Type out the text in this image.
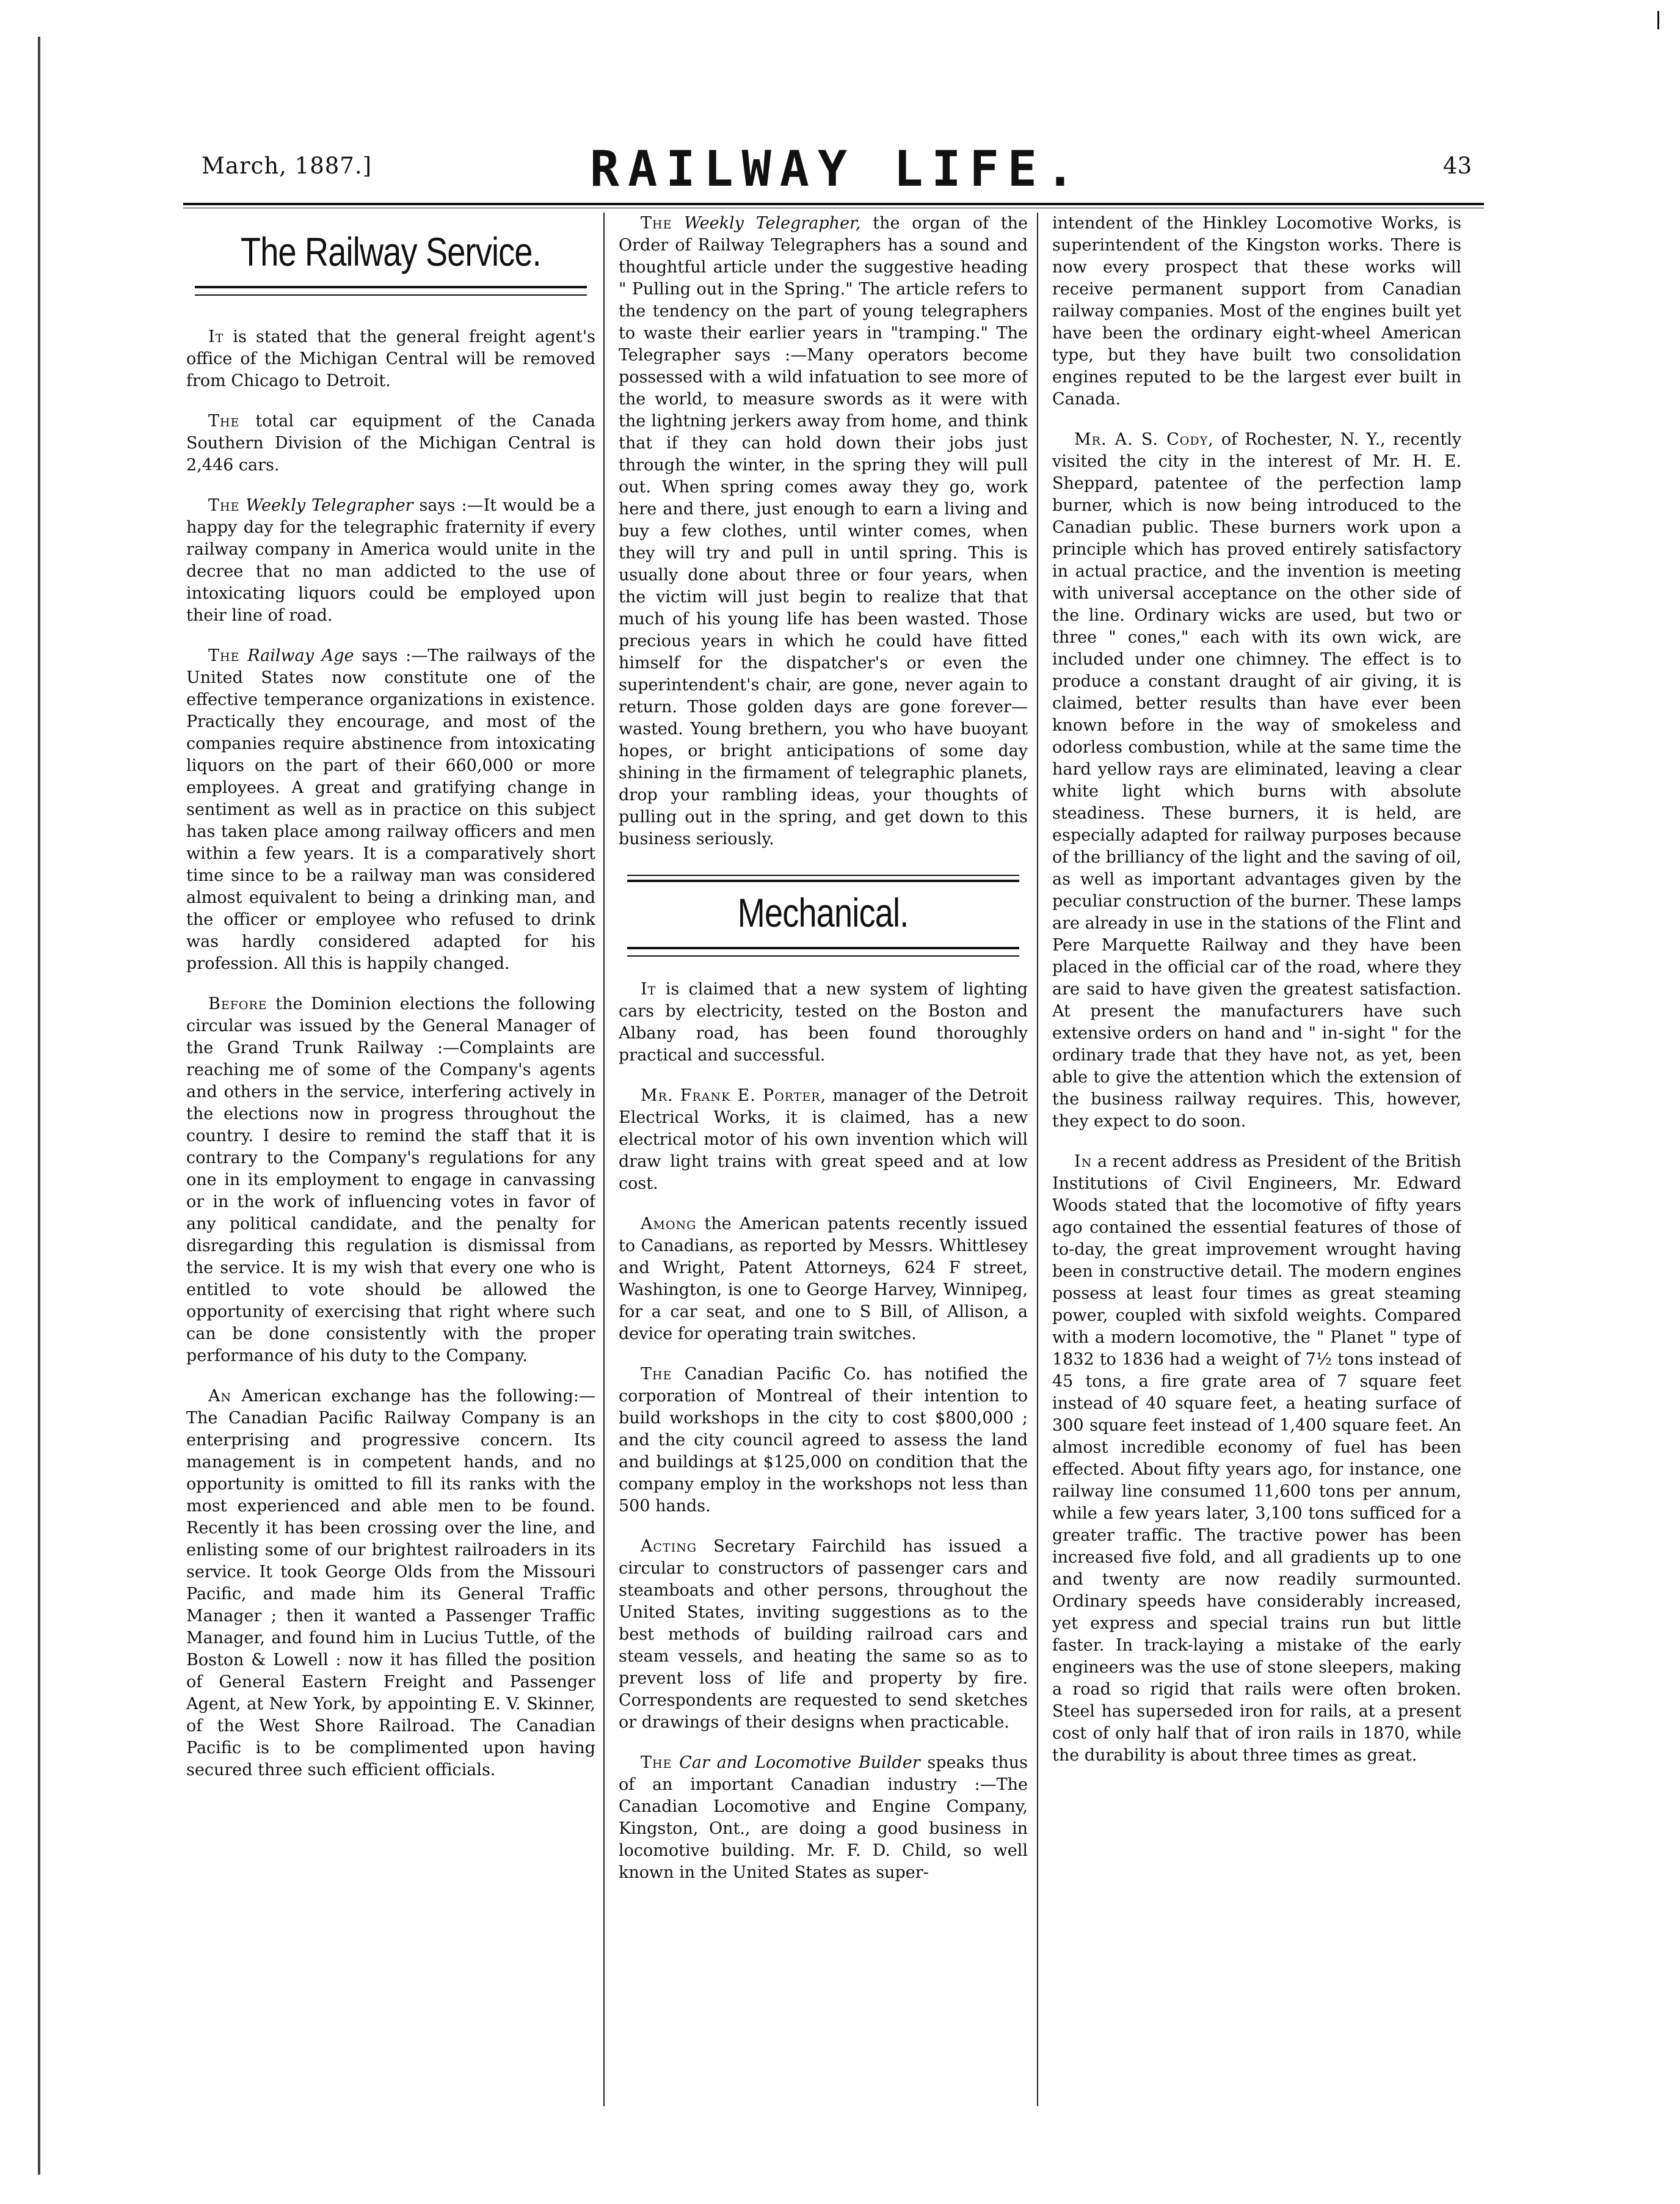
March, 1887.]	RAILWAY LIFE.	43
The Railway Service.

It is stated that the general freight agent's office of the Michigan Central will be removed from Chicago to Detroit.

The total car equipment of the Canada Southern Division of the Michigan Central is 2,446 cars.

The Weekly Telegrapher says :—It would be a happy day for the telegraphic fraternity if every railway company in America would unite in the decree that no man addicted to the use of intoxicating liquors could be employed upon their line of road.

The Railway Age says :—The railways of the United States now constitute one of the effective temperance organizations in existence. Practically they encourage, and most of the companies require abstinence from intoxicating liquors on the part of their 660,000 or more employees. A great and gratifying change in sentiment as well as in practice on this subject has taken place among railway officers and men within a few years. It is a comparatively short time since to be a railway man was considered almost equivalent to being a drinking man, and the officer or employee who refused to drink was hardly considered adapted for his profession. All this is happily changed.

Before the Dominion elections the following circular was issued by the General Manager of the Grand Trunk Railway :—Complaints are reaching me of some of the Company's agents and others in the service, interfering actively in the elections now in progress throughout the country. I desire to remind the staff that it is contrary to the Company's regulations for any one in its employment to engage in canvassing or in the work of influencing votes in favor of any political candidate, and the penalty for disregarding this regulation is dismissal from the service. It is my wish that every one who is entitled to vote should be allowed the opportunity of exercising that right where such can be done consistently with the proper performance of his duty to the Company.

An American exchange has the following:—The Canadian Pacific Railway Company is an enterprising and progressive concern. Its management is in competent hands, and no opportunity is omitted to fill its ranks with the most experienced and able men to be found. Recently it has been crossing over the line, and enlisting some of our brightest railroaders in its service. It took George Olds from the Missouri Pacific, and made him its General Traffic Manager ; then it wanted a Passenger Traffic Manager, and found him in Lucius Tuttle, of the Boston & Lowell : now it has filled the position of General Eastern Freight and Passenger Agent, at New York, by appointing E. V. Skinner, of the West Shore Railroad. The Canadian Pacific is to be complimented upon having secured three such efficient officials.

The Weekly Telegrapher, the organ of the Order of Railway Telegraphers has a sound and thoughtful article under the suggestive heading " Pulling out in the Spring." The article refers to the tendency on the part of young telegraphers to waste their earlier years in "tramping." The Telegrapher says :—Many operators become possessed with a wild infatuation to see more of the world, to measure swords as it were with the lightning jerkers away from home, and think that if they can hold down their jobs just through the winter, in the spring they will pull out. When spring comes away they go, work here and there, just enough to earn a living and buy a few clothes, until winter comes, when they will try and pull in until spring. This is usually done about three or four years, when the victim will just begin to realize that that much of his young life has been wasted. Those precious years in which he could have fitted himself for the dispatcher's or even the superintendent's chair, are gone, never again to return. Those golden days are gone forever—wasted. Young brethern, you who have buoyant hopes, or bright anticipations of some day shining in the firmament of telegraphic planets, drop your rambling ideas, your thoughts of pulling out in the spring, and get down to this business seriously.

Mechanical.

It is claimed that a new system of lighting cars by electricity, tested on the Boston and Albany road, has been found thoroughly practical and successful.

Mr. Frank E. Porter, manager of the Detroit Electrical Works, it is claimed, has a new electrical motor of his own invention which will draw light trains with great speed and at low cost.

Among the American patents recently issued to Canadians, as reported by Messrs. Whittlesey and Wright, Patent Attorneys, 624 F street, Washington, is one to George Harvey, Winnipeg, for a car seat, and one to S Bill, of Allison, a device for operating train switches.

The Canadian Pacific Co. has notified the corporation of Montreal of their intention to build workshops in the city to cost $800,000 ; and the city council agreed to assess the land and buildings at $125,000 on condition that the company employ in the workshops not less than 500 hands.

Acting Secretary Fairchild has issued a circular to constructors of passenger cars and steamboats and other persons, throughout the United States, inviting suggestions as to the best methods of building railroad cars and steam vessels, and heating the same so as to prevent loss of life and property by fire. Correspondents are requested to send sketches or drawings of their designs when practicable.

The Car and Locomotive Builder speaks thus of an important Canadian industry :—The Canadian Locomotive and Engine Company, Kingston, Ont., are doing a good business in locomotive building. Mr. F. D. Child, so well known in the United States as super-

intendent of the Hinkley Locomotive Works, is superintendent of the Kingston works. There is now every prospect that these works will receive permanent support from Canadian railway companies. Most of the engines built yet have been the ordinary eight-wheel American type, but they have built two consolidation engines reputed to be the largest ever built in Canada.

Mr. A. S. Cody, of Rochester, N. Y., recently visited the city in the interest of Mr. H. E. Sheppard, patentee of the perfection lamp burner, which is now being introduced to the Canadian public. These burners work upon a principle which has proved entirely satisfactory in actual practice, and the invention is meeting with universal acceptance on the other side of the line. Ordinary wicks are used, but two or three " cones," each with its own wick, are included under one chimney. The effect is to produce a constant draught of air giving, it is claimed, better results than have ever been known before in the way of smokeless and odorless combustion, while at the same time the hard yellow rays are eliminated, leaving a clear white light which burns with absolute steadiness. These burners, it is held, are especially adapted for railway purposes because of the brilliancy of the light and the saving of oil, as well as important advantages given by the peculiar construction of the burner. These lamps are already in use in the stations of the Flint and Pere Marquette Railway and they have been placed in the official car of the road, where they are said to have given the greatest satisfaction. At present the manufacturers have such extensive orders on hand and " in-sight " for the ordinary trade that they have not, as yet, been able to give the attention which the extension of the business railway requires. This, however, they expect to do soon.

In a recent address as President of the British Institutions of Civil Engineers, Mr. Edward Woods stated that the locomotive of fifty years ago contained the essential features of those of to-day, the great improvement wrought having been in constructive detail. The modern engines possess at least four times as great steaming power, coupled with sixfold weights. Compared with a modern locomotive, the " Planet " type of 1832 to 1836 had a weight of 7½ tons instead of 45 tons, a fire grate area of 7 square feet instead of 40 square feet, a heating surface of 300 square feet instead of 1,400 square feet. An almost incredible economy of fuel has been effected. About fifty years ago, for instance, one railway line consumed 11,600 tons per annum, while a few years later, 3,100 tons sufficed for a greater traffic. The tractive power has been increased five fold, and all gradients up to one and twenty are now readily surmounted. Ordinary speeds have considerably increased, yet express and special trains run but little faster. In track-laying a mistake of the early engineers was the use of stone sleepers, making a road so rigid that rails were often broken. Steel has superseded iron for rails, at a present cost of only half that of iron rails in 1870, while the durability is about three times as great.
